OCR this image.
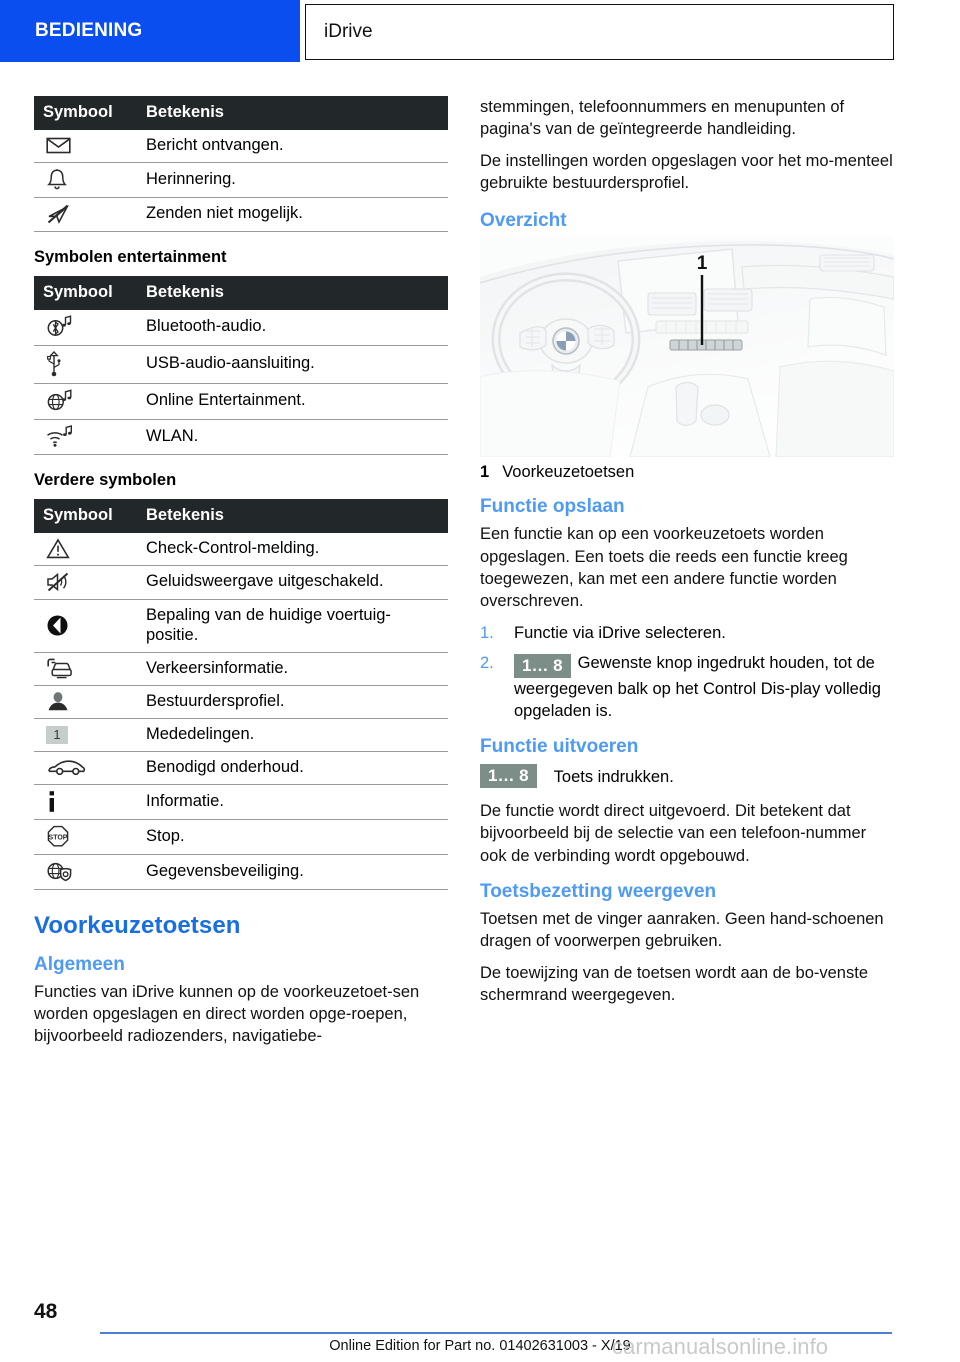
BEDIENING	iDrive
Symbool	Betekenis

	Bericht ontvangen.

	Herinnering.

	Zenden niet mogelijk.
Symbolen entertainment
Symbool	Betekenis

	Bluetooth-audio.

	USB-audio-aansluiting.

	Online Entertainment.

	WLAN.
Verdere symbolen
Symbool	Betekenis

	Check-Control-melding.

	Geluidsweergave uitgeschakeld.

	Bepaling van de huidige voertuig-
positie.

	Verkeersinformatie.

	Bestuurdersprofiel.
1	Mededelingen.

	Benodigd onderhoud.

	Informatie.

STOP	Stop.

	Gegevensbeveiliging.
Voorkeuzetoetsen
Algemeen

Functies van iDrive kunnen op de voorkeuzetoet-sen worden opgeslagen en direct worden opge-roepen, bijvoorbeeld radiozenders, navigatiebe-

stemmingen, telefoonnummers en menupunten of pagina's van de geïntegreerde handleiding.

De instellingen worden opgeslagen voor het mo-menteel gebruikte bestuurdersprofiel.

Overzicht
1
1 Voorkeuzetoetsen
Functie opslaan

Een functie kan op een voorkeuzetoets worden opgeslagen. Een toets die reeds een functie kreeg toegewezen, kan met een andere functie worden overschreven.

1. Functie via iDrive selecteren.
2. 1… 8 Gewenste knop ingedrukt houden, tot de weergegeven balk op het Control Dis-play volledig opgeladen is.
Functie uitvoeren
1… 8	Toets indrukken.

De functie wordt direct uitgevoerd. Dit betekent dat bijvoorbeeld bij de selectie van een telefoon-nummer ook de verbinding wordt opgebouwd.

Toetsbezetting weergeven

Toetsen met de vinger aanraken. Geen hand-schoenen dragen of voorwerpen gebruiken.

De toewijzing van de toetsen wordt aan de bo-venste schermrand weergegeven.

48
Online Edition for Part no. 01402631003 - X/19
carmanualsonline.info
